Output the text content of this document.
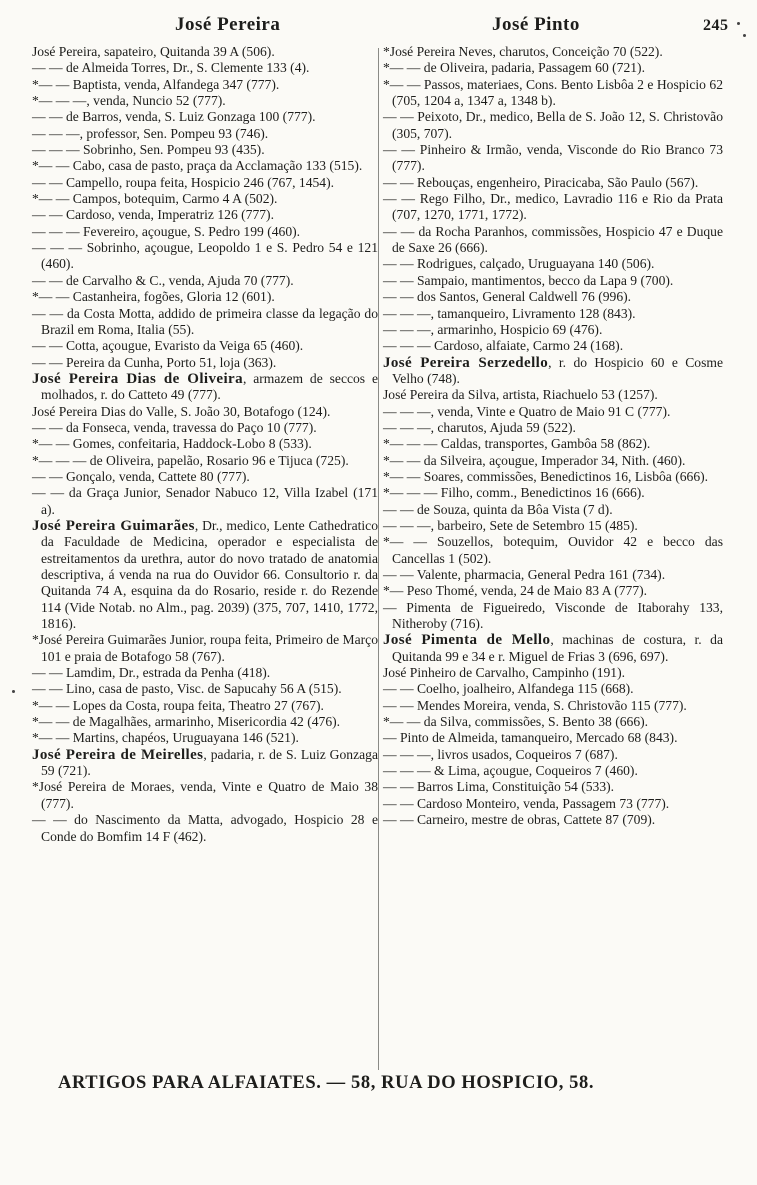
José Pereira	José Pinto	245

José Pereira, sapateiro, Quitanda 39 A (506).

— — de Almeida Torres, Dr., S. Clemente 133 (4).

*— — Baptista, venda, Alfandega 347 (777).

*— — —, venda, Nuncio 52 (777).

— — de Barros, venda, S. Luiz Gonzaga 100 (777).

— — —, professor, Sen. Pompeu 93 (746).

— — — Sobrinho, Sen. Pompeu 93 (435).

*— — Cabo, casa de pasto, praça da Acclamação 133 (515).

— — Campello, roupa feita, Hospicio 246 (767, 1454).

*— — Campos, botequim, Carmo 4 A (502).

— — Cardoso, venda, Imperatriz 126 (777).

— — — Fevereiro, açougue, S. Pedro 199 (460).

— — — Sobrinho, açougue, Leopoldo 1 e S. Pedro 54 e 121 (460).

— — de Carvalho & C., venda, Ajuda 70 (777).

*— — Castanheira, fogões, Gloria 12 (601).

— — da Costa Motta, addido de primeira classe da legação do Brazil em Roma, Italia (55).

— — Cotta, açougue, Evaristo da Veiga 65 (460).

— — Pereira da Cunha, Porto 51, loja (363).

José Pereira Dias de Oliveira, armazem de seccos e molhados, r. do Catteto 49 (777).

José Pereira Dias do Valle, S. João 30, Botafogo (124).

— — da Fonseca, venda, travessa do Paço 10 (777).

*— — Gomes, confeitaria, Haddock-Lobo 8 (533).

*— — — de Oliveira, papelão, Rosario 96 e Tijuca (725).

— — Gonçalo, venda, Cattete 80 (777).

— — da Graça Junior, Senador Nabuco 12, Villa Izabel (171 a).

José Pereira Guimarães, Dr., medico, Lente Cathedratico da Faculdade de Medicina, operador e especialista de estreitamentos da urethra, autor do novo tratado de anatomia descriptiva, á venda na rua do Ouvidor 66. Consultorio r. da Quitanda 74 A, esquina da do Rosario, reside r. do Rezende 114 (Vide Notab. no Alm., pag. 2039) (375, 707, 1410, 1772, 1816).

*José Pereira Guimarães Junior, roupa feita, Primeiro de Março 101 e praia de Botafogo 58 (767).

— — Lamdim, Dr., estrada da Penha (418).

— — Lino, casa de pasto, Visc. de Sapucahy 56 A (515).

*— — Lopes da Costa, roupa feita, Theatro 27 (767).

*— — de Magalhães, armarinho, Misericordia 42 (476).

*— — Martins, chapéos, Uruguayana 146 (521).

José Pereira de Meirelles, padaria, r. de S. Luiz Gonzaga 59 (721).

*José Pereira de Moraes, venda, Vinte e Quatro de Maio 38 (777).

— — do Nascimento da Matta, advogado, Hospicio 28 e Conde do Bomfim 14 F (462).

*José Pereira Neves, charutos, Conceição 70 (522).

*— — de Oliveira, padaria, Passagem 60 (721).

*— — Passos, materiaes, Cons. Bento Lisbôa 2 e Hospicio 62 (705, 1204 a, 1347 a, 1348 b).

— — Peixoto, Dr., medico, Bella de S. João 12, S. Christovão (305, 707).

— — Pinheiro & Irmão, venda, Visconde do Rio Branco 73 (777).

— — Rebouças, engenheiro, Piracicaba, São Paulo (567).

— — Rego Filho, Dr., medico, Lavradio 116 e Rio da Prata (707, 1270, 1771, 1772).

— — da Rocha Paranhos, commissões, Hospicio 47 e Duque de Saxe 26 (666).

— — Rodrigues, calçado, Uruguayana 140 (506).

— — Sampaio, mantimentos, becco da Lapa 9 (700).

— — dos Santos, General Caldwell 76 (996).

— — —, tamanqueiro, Livramento 128 (843).

— — —, armarinho, Hospicio 69 (476).

— — — Cardoso, alfaiate, Carmo 24 (168).

José Pereira Serzedello, r. do Hospicio 60 e Cosme Velho (748).

José Pereira da Silva, artista, Riachuelo 53 (1257).

— — —, venda, Vinte e Quatro de Maio 91 C (777).

— — —, charutos, Ajuda 59 (522).

*— — — Caldas, transportes, Gambôa 58 (862).

*— — da Silveira, açougue, Imperador 34, Nith. (460).

*— — Soares, commissões, Benedictinos 16, Lisbôa (666).

*— — — Filho, comm., Benedictinos 16 (666).

— — de Souza, quinta da Bôa Vista (7 d).

— — —, barbeiro, Sete de Setembro 15 (485).

*— — Souzellos, botequim, Ouvidor 42 e becco das Cancellas 1 (502).

— — Valente, pharmacia, General Pedra 161 (734).

*— Peso Thomé, venda, 24 de Maio 83 A (777).

— Pimenta de Figueiredo, Visconde de Itaborahy 133, Nitheroby (716).

José Pimenta de Mello, machinas de costura, r. da Quitanda 99 e 34 e r. Miguel de Frias 3 (696, 697).

José Pinheiro de Carvalho, Campinho (191).

— — Coelho, joalheiro, Alfandega 115 (668).

— — Mendes Moreira, venda, S. Christovão 115 (777).

*— — da Silva, commissões, S. Bento 38 (666).

— Pinto de Almeida, tamanqueiro, Mercado 68 (843).

— — —, livros usados, Coqueiros 7 (687).

— — — & Lima, açougue, Coqueiros 7 (460).

— — Barros Lima, Constituição 54 (533).

— — Cardoso Monteiro, venda, Passagem 73 (777).

— — Carneiro, mestre de obras, Cattete 87 (709).

ARTIGOS PARA ALFAIATES. — 58, RUA DO HOSPICIO, 58.
